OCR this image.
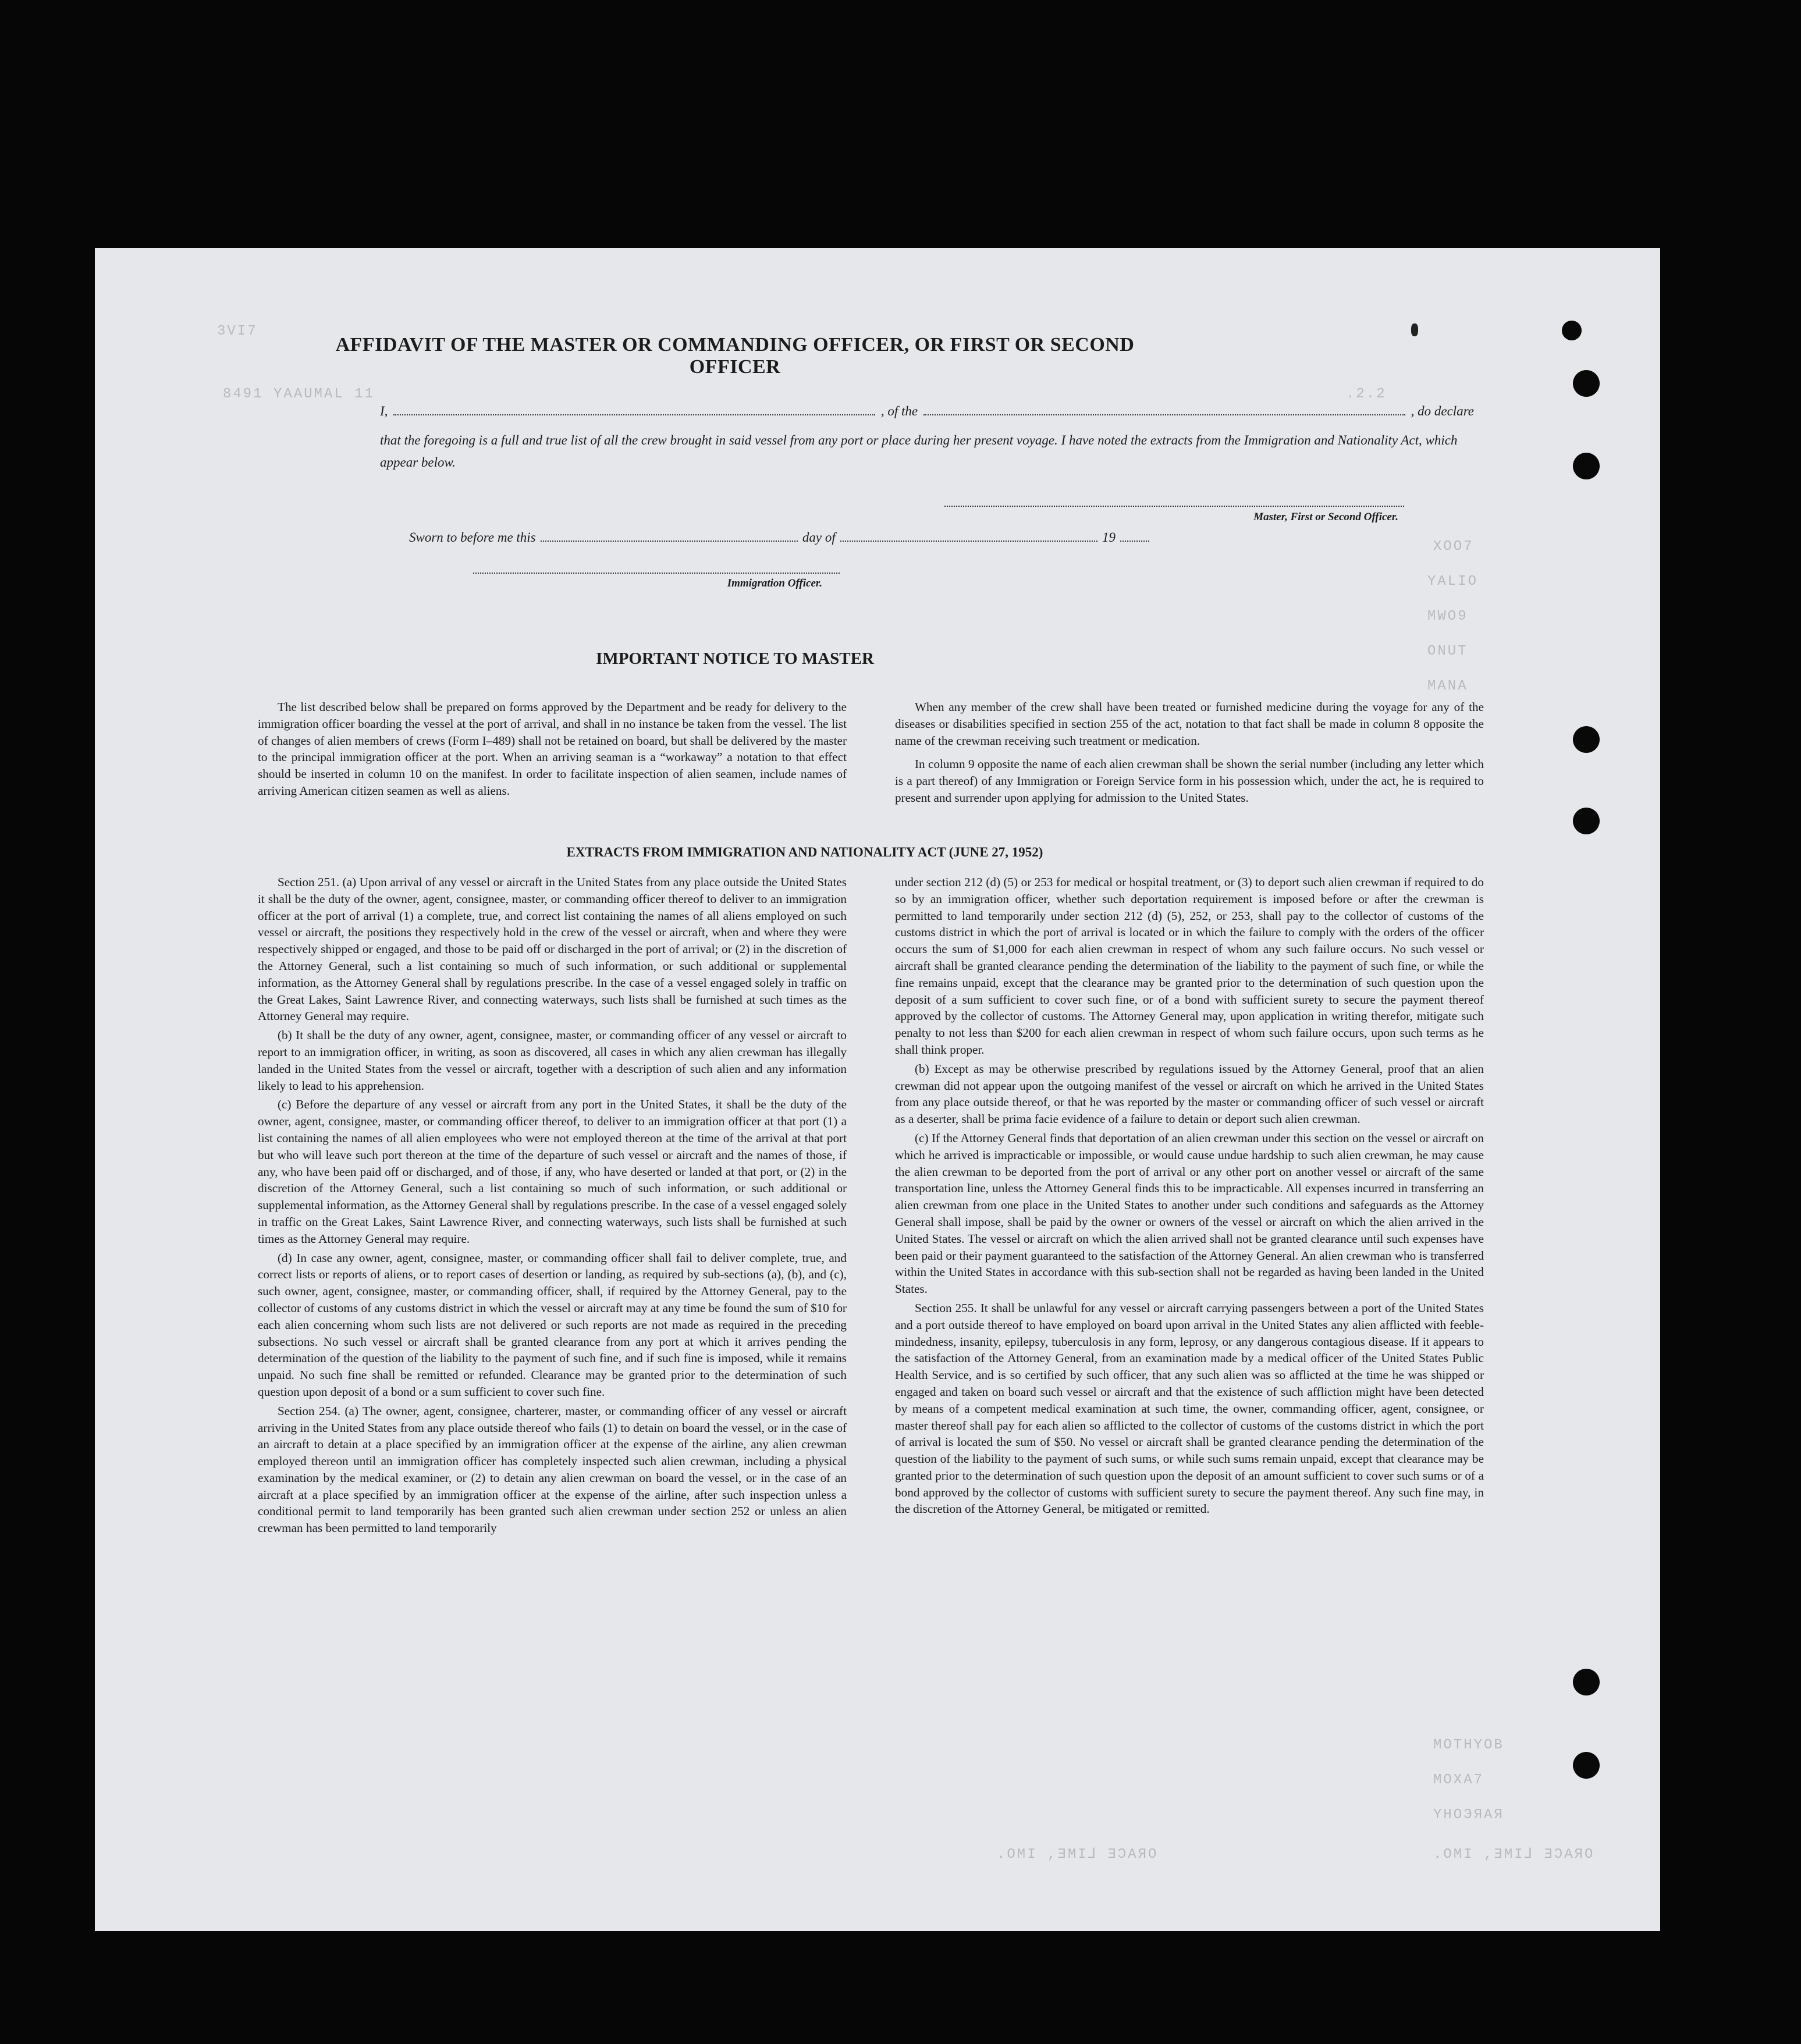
3VI7

8491 YAAUMAL 11

	.2.2

XOO7

YALIO

MWO9

ONUT

MANA

MOTHYOB

MOXA7

YHOЭЯAЯ

.OMI ,ƎMI⅃ ƎƆAЯO

.OMI ,ƎMI⅃ ƎƆAЯO

AFFIDAVIT OF THE MASTER OR COMMANDING OFFICER, OR FIRST OR SECOND OFFICER
I,	, of the	, do declare
that the foregoing is a full and true list of all the crew brought in said vessel from any port or place during her present voyage. I have noted the extracts from the Immigration and Nationality Act, which appear below.
Master, First or Second Officer.
Sworn to before me this	day of	19
Immigration Officer.
IMPORTANT NOTICE TO MASTER

The list described below shall be prepared on forms approved by the Department and be ready for delivery to the immigration officer boarding the vessel at the port of arrival, and shall in no instance be taken from the vessel. The list of changes of alien members of crews (Form I–489) shall not be retained on board, but shall be delivered by the master to the principal immigration officer at the port. When an arriving seaman is a “workaway” a notation to that effect should be inserted in column 10 on the manifest. In order to facilitate inspection of alien seamen, include names of arriving American citizen seamen as well as aliens.

When any member of the crew shall have been treated or furnished medicine during the voyage for any of the diseases or disabilities specified in section 255 of the act, notation to that fact shall be made in column 8 opposite the name of the crewman receiving such treatment or medication.

In column 9 opposite the name of each alien crewman shall be shown the serial number (including any letter which is a part thereof) of any Immigration or Foreign Service form in his possession which, under the act, he is required to present and surrender upon applying for admission to the United States.

EXTRACTS FROM IMMIGRATION AND NATIONALITY ACT (JUNE 27, 1952)

Section 251. (a) Upon arrival of any vessel or aircraft in the United States from any place outside the United States it shall be the duty of the owner, agent, consignee, master, or commanding officer thereof to deliver to an immigration officer at the port of arrival (1) a complete, true, and correct list containing the names of all aliens employed on such vessel or aircraft, the positions they respectively hold in the crew of the vessel or aircraft, when and where they were respectively shipped or engaged, and those to be paid off or discharged in the port of arrival; or (2) in the discretion of the Attorney General, such a list containing so much of such information, or such additional or supplemental information, as the Attorney General shall by regulations prescribe. In the case of a vessel engaged solely in traffic on the Great Lakes, Saint Lawrence River, and connecting waterways, such lists shall be furnished at such times as the Attorney General may require.

(b) It shall be the duty of any owner, agent, consignee, master, or commanding officer of any vessel or aircraft to report to an immigration officer, in writing, as soon as discovered, all cases in which any alien crewman has illegally landed in the United States from the vessel or aircraft, together with a description of such alien and any information likely to lead to his apprehension.

(c) Before the departure of any vessel or aircraft from any port in the United States, it shall be the duty of the owner, agent, consignee, master, or commanding officer thereof, to deliver to an immigration officer at that port (1) a list containing the names of all alien employees who were not employed thereon at the time of the arrival at that port but who will leave such port thereon at the time of the departure of such vessel or aircraft and the names of those, if any, who have been paid off or discharged, and of those, if any, who have deserted or landed at that port, or (2) in the discretion of the Attorney General, such a list containing so much of such information, or such additional or supplemental information, as the Attorney General shall by regulations prescribe. In the case of a vessel engaged solely in traffic on the Great Lakes, Saint Lawrence River, and connecting waterways, such lists shall be furnished at such times as the Attorney General may require.

(d) In case any owner, agent, consignee, master, or commanding officer shall fail to deliver complete, true, and correct lists or reports of aliens, or to report cases of desertion or landing, as required by sub-sections (a), (b), and (c), such owner, agent, consignee, master, or commanding officer, shall, if required by the Attorney General, pay to the collector of customs of any customs district in which the vessel or aircraft may at any time be found the sum of $10 for each alien concerning whom such lists are not delivered or such reports are not made as required in the preceding subsections. No such vessel or aircraft shall be granted clearance from any port at which it arrives pending the determination of the question of the liability to the payment of such fine, and if such fine is imposed, while it remains unpaid. No such fine shall be remitted or refunded. Clearance may be granted prior to the determination of such question upon deposit of a bond or a sum sufficient to cover such fine.

Section 254. (a) The owner, agent, consignee, charterer, master, or commanding officer of any vessel or aircraft arriving in the United States from any place outside thereof who fails (1) to detain on board the vessel, or in the case of an aircraft to detain at a place specified by an immigration officer at the expense of the airline, any alien crewman employed thereon until an immigration officer has completely inspected such alien crewman, including a physical examination by the medical examiner, or (2) to detain any alien crewman on board the vessel, or in the case of an aircraft at a place specified by an immigration officer at the expense of the airline, after such inspection unless a conditional permit to land temporarily has been granted such alien crewman under section 252 or unless an alien crewman has been permitted to land temporarily

under section 212 (d) (5) or 253 for medical or hospital treatment, or (3) to deport such alien crewman if required to do so by an immigration officer, whether such deportation requirement is imposed before or after the crewman is permitted to land temporarily under section 212 (d) (5), 252, or 253, shall pay to the collector of customs of the customs district in which the port of arrival is located or in which the failure to comply with the orders of the officer occurs the sum of $1,000 for each alien crewman in respect of whom any such failure occurs. No such vessel or aircraft shall be granted clearance pending the determination of the liability to the payment of such fine, or while the fine remains unpaid, except that the clearance may be granted prior to the determination of such question upon the deposit of a sum sufficient to cover such fine, or of a bond with sufficient surety to secure the payment thereof approved by the collector of customs. The Attorney General may, upon application in writing therefor, mitigate such penalty to not less than $200 for each alien crewman in respect of whom such failure occurs, upon such terms as he shall think proper.

(b) Except as may be otherwise prescribed by regulations issued by the Attorney General, proof that an alien crewman did not appear upon the outgoing manifest of the vessel or aircraft on which he arrived in the United States from any place outside thereof, or that he was reported by the master or commanding officer of such vessel or aircraft as a deserter, shall be prima facie evidence of a failure to detain or deport such alien crewman.

(c) If the Attorney General finds that deportation of an alien crewman under this section on the vessel or aircraft on which he arrived is impracticable or impossible, or would cause undue hardship to such alien crewman, he may cause the alien crewman to be deported from the port of arrival or any other port on another vessel or aircraft of the same transportation line, unless the Attorney General finds this to be impracticable. All expenses incurred in transferring an alien crewman from one place in the United States to another under such conditions and safeguards as the Attorney General shall impose, shall be paid by the owner or owners of the vessel or aircraft on which the alien arrived in the United States. The vessel or aircraft on which the alien arrived shall not be granted clearance until such expenses have been paid or their payment guaranteed to the satisfaction of the Attorney General. An alien crewman who is transferred within the United States in accordance with this sub-section shall not be regarded as having been landed in the United States.

Section 255. It shall be unlawful for any vessel or aircraft carrying passengers between a port of the United States and a port outside thereof to have employed on board upon arrival in the United States any alien afflicted with feeble-mindedness, insanity, epilepsy, tuberculosis in any form, leprosy, or any dangerous contagious disease. If it appears to the satisfaction of the Attorney General, from an examination made by a medical officer of the United States Public Health Service, and is so certified by such officer, that any such alien was so afflicted at the time he was shipped or engaged and taken on board such vessel or aircraft and that the existence of such affliction might have been detected by means of a competent medical examination at such time, the owner, commanding officer, agent, consignee, or master thereof shall pay for each alien so afflicted to the collector of customs of the customs district in which the port of arrival is located the sum of $50. No vessel or aircraft shall be granted clearance pending the determination of the question of the liability to the payment of such sums, or while such sums remain unpaid, except that clearance may be granted prior to the determination of such question upon the deposit of an amount sufficient to cover such sums or of a bond approved by the collector of customs with sufficient surety to secure the payment thereof. Any such fine may, in the discretion of the Attorney General, be mitigated or remitted.
